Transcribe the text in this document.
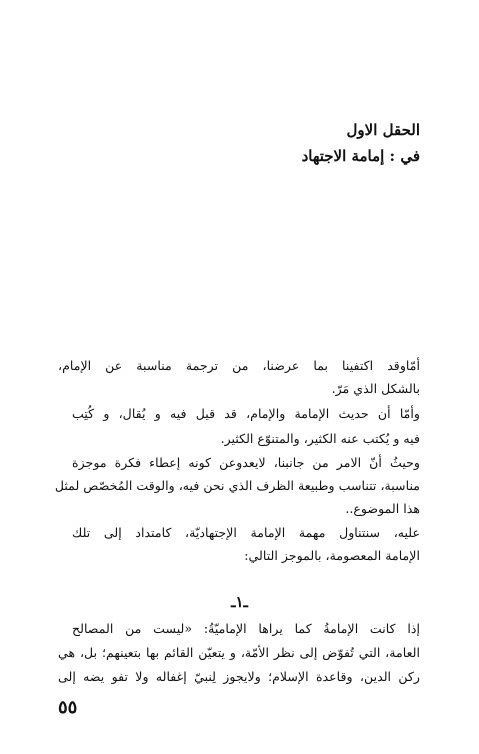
الحقل الاول
في : إمامة الاجتهاد
أمّاوقد اكتفينا بما عرضنا، من ترجمة مناسبة عن الإمام،
بالشكل الذي مَرّ.
وأمّا أن حديث الإمامة والإمام، قد قيل فيه و يُقال، و كُتِب
فيه و يُكتب عنه الكثير، والمتنوّع الكثير.
وحيثُ أنّ الامر من جانبنا، لايعدوعن كونه إعطاء فكرة موجزة
مناسبة، تتناسب وطبيعة الظرف الذي نحن فيه، والوقت المُخصّص لمثل
هذا الموضوع..
عليه، سنتناول مهمة الإمامة الإجتهاديّة، كامتداد إلى تلك
الإمامة المعصومة، بالموجز التالي:
ـ١ـ
إذا كانت الإمامةُ كما يراها الإماميّةُ: «ليست من المصالح
العامة، التي تُفوّض إلى نظر الأمّة، و يتعيّن القائم بها بتعينهم؛ بل، هي
ركن الدين، وقاعدة الإسلام؛ ولايجوز لِنبيّ إغفاله ولا تفو يضه إلى
٥٥
